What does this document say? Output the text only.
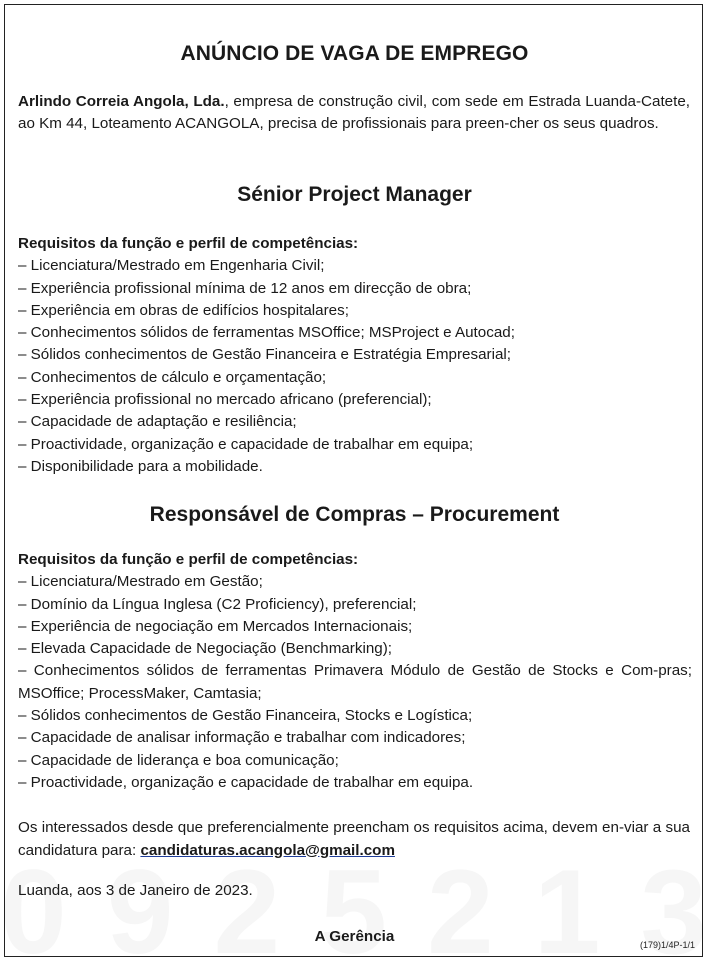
ANÚNCIO DE VAGA DE EMPREGO
Arlindo Correia Angola, Lda., empresa de construção civil, com sede em Estrada Luanda-Catete, ao Km 44, Loteamento ACANGOLA, precisa de profissionais para preen-cher os seus quadros.
Sénior Project Manager
Requisitos da função e perfil de competências:
– Licenciatura/Mestrado em Engenharia Civil;
– Experiência profissional mínima de 12 anos em direcção de obra;
– Experiência em obras de edifícios hospitalares;
– Conhecimentos sólidos de ferramentas MSOffice; MSProject e Autocad;
– Sólidos conhecimentos de Gestão Financeira e Estratégia Empresarial;
– Conhecimentos de cálculo e orçamentação;
– Experiência profissional no mercado africano (preferencial);
– Capacidade de adaptação e resiliência;
– Proactividade, organização e capacidade de trabalhar em equipa;
– Disponibilidade para a mobilidade.
Responsável de Compras – Procurement
Requisitos da função e perfil de competências:
– Licenciatura/Mestrado em Gestão;
– Domínio da Língua Inglesa (C2 Proficiency), preferencial;
– Experiência de negociação em Mercados Internacionais;
– Elevada Capacidade de Negociação (Benchmarking);
– Conhecimentos sólidos de ferramentas Primavera Módulo de Gestão de Stocks e Com-pras; MSOffice; ProcessMaker, Camtasia;
– Sólidos conhecimentos de Gestão Financeira, Stocks e Logística;
– Capacidade de analisar informação e trabalhar com indicadores;
– Capacidade de liderança e boa comunicação;
– Proactividade, organização e capacidade de trabalhar em equipa.
Os interessados desde que preferencialmente preencham os requisitos acima, devem en-viar a sua candidatura para: candidaturas.acangola@gmail.com
Luanda, aos 3 de Janeiro de 2023.
A Gerência	(179)1/4P-1/1
